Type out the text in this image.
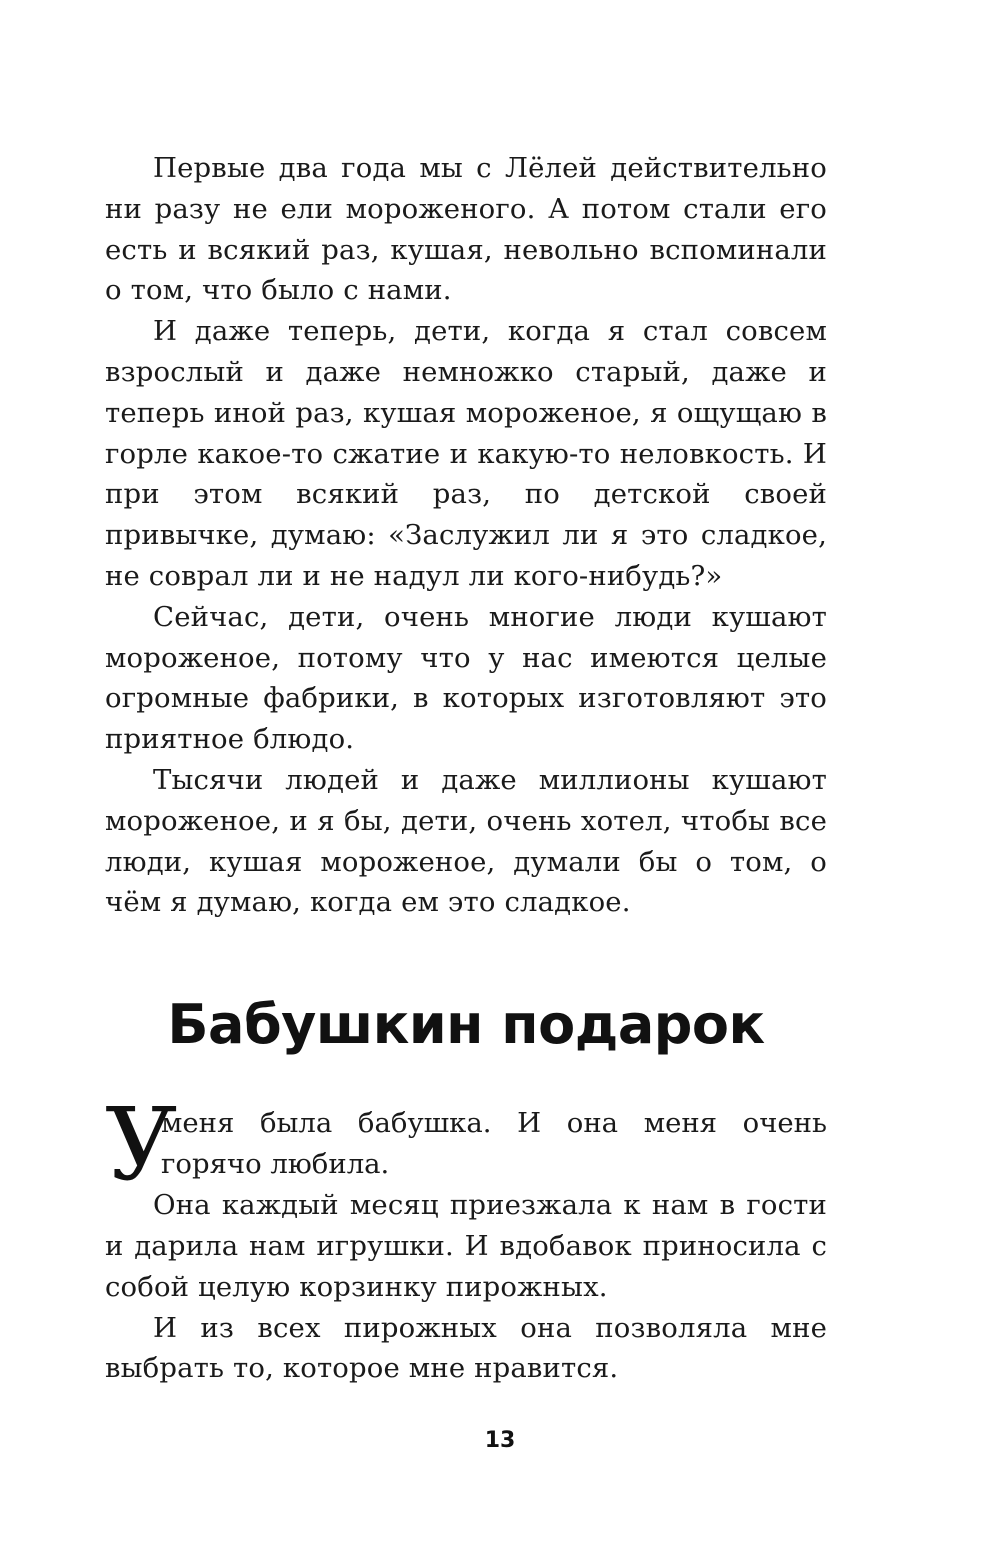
Первые два года мы с Лёлей действительно ни разу не ели мороженого. А потом стали его есть и всякий раз, кушая, невольно вспоминали о том, что было с нами.

И даже теперь, дети, когда я стал совсем взрослый и даже немножко старый, даже и теперь иной раз, кушая мороженое, я ощущаю в горле какое-то сжатие и какую-то неловкость. И при этом всякий раз, по детской своей привычке, думаю: «Заслужил ли я это сладкое, не соврал ли и не надул ли кого-нибудь?»

Сейчас, дети, очень многие люди кушают мороженое, потому что у нас имеются целые огромные фабрики, в которых изготовляют это приятное блюдо.

Тысячи людей и даже миллионы кушают мороженое, и я бы, дети, очень хотел, чтобы все люди, кушая мороженое, думали бы о том, о чём я думаю, когда ем это сладкое.

Бабушкин подарок
У

меня была бабушка. И она меня очень горячо любила.

Она каждый месяц приезжала к нам в гости и дарила нам игрушки. И вдобавок приносила с собой целую корзинку пирожных.

И из всех пирожных она позволяла мне выбрать то, которое мне нравится.

13
